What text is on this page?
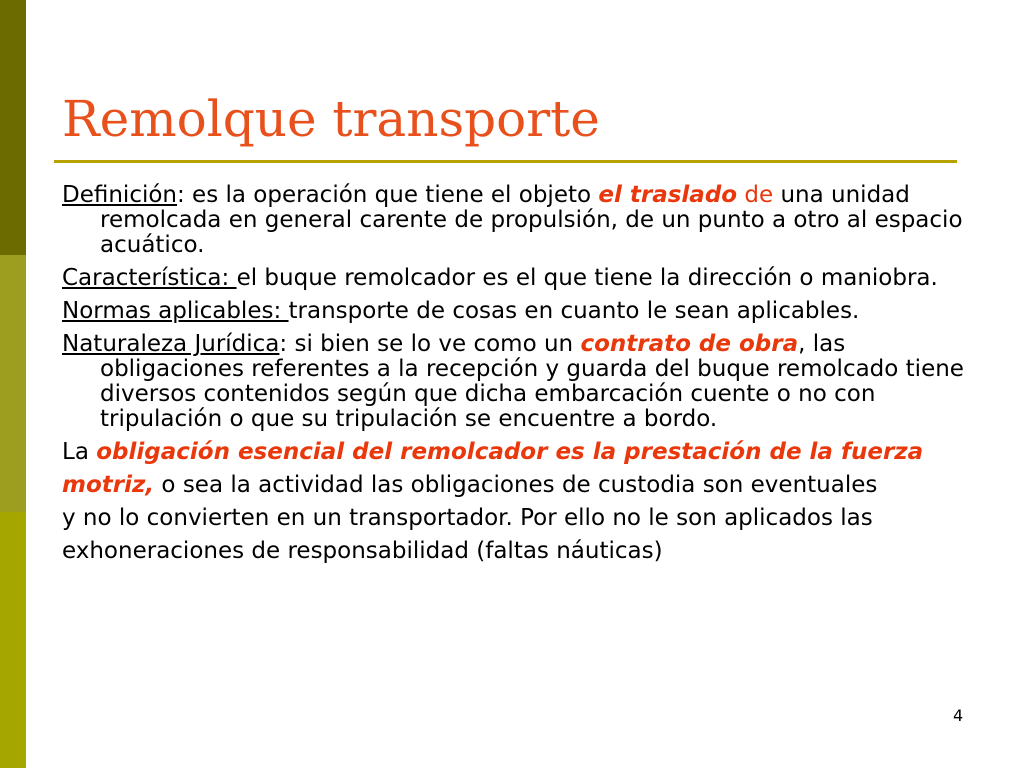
Remolque transporte

Definición: es la operación que tiene el objeto el traslado de una unidad remolcada en general carente de propulsión, de un punto a otro al espacio acuático.

Característica: el buque remolcador es el que tiene la dirección o maniobra.

Normas aplicables: transporte de cosas en cuanto le sean aplicables.

Naturaleza Jurídica: si bien se lo ve como un contrato de obra, las obligaciones referentes a la recepción y guarda del buque remolcado tiene diversos contenidos según que dicha embarcación cuente o no con tripulación o que su tripulación se encuentre a bordo.

La obligación esencial del remolcador es la prestación de la fuerza

motriz, o sea la actividad las obligaciones de custodia son eventuales

y no lo convierten en un transportador. Por ello no le son aplicados las

exhoneraciones de responsabilidad (faltas náuticas)

4
